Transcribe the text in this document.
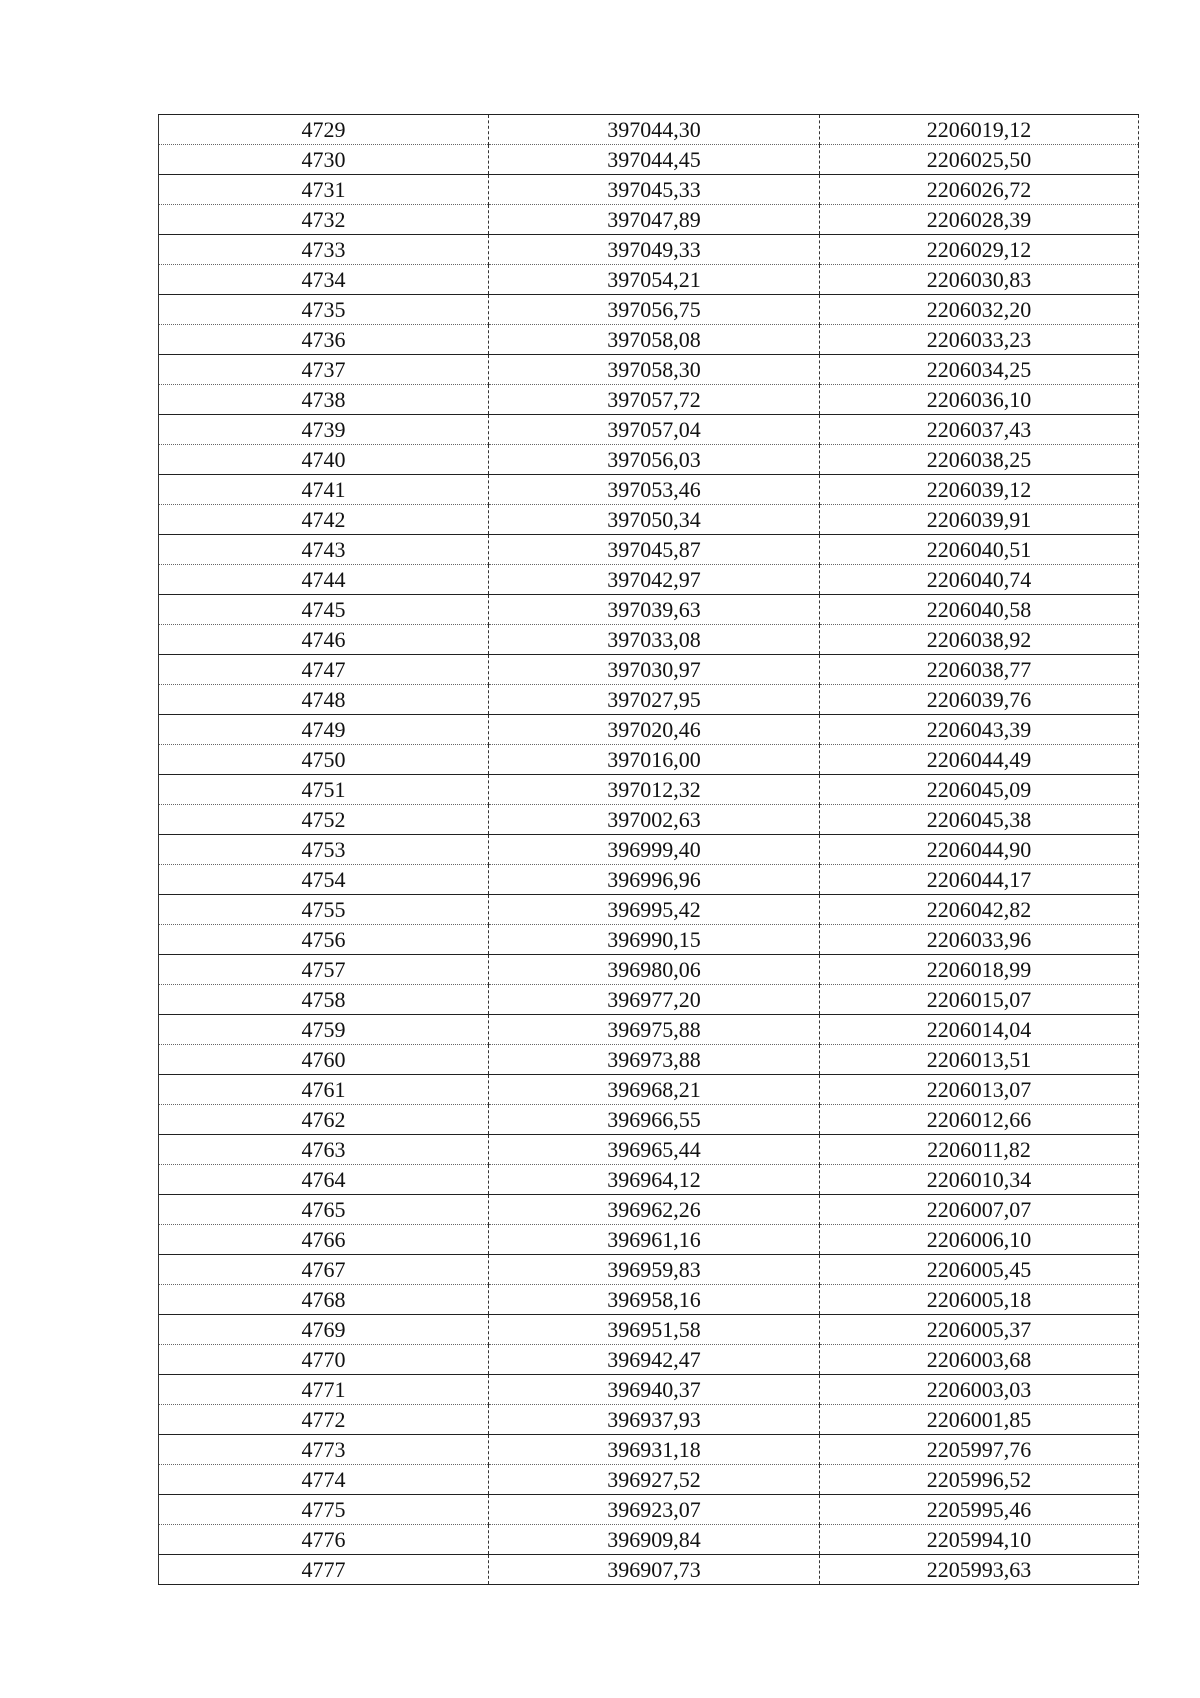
4729	397044,30	2206019,12
4730	397044,45	2206025,50
4731	397045,33	2206026,72
4732	397047,89	2206028,39
4733	397049,33	2206029,12
4734	397054,21	2206030,83
4735	397056,75	2206032,20
4736	397058,08	2206033,23
4737	397058,30	2206034,25
4738	397057,72	2206036,10
4739	397057,04	2206037,43
4740	397056,03	2206038,25
4741	397053,46	2206039,12
4742	397050,34	2206039,91
4743	397045,87	2206040,51
4744	397042,97	2206040,74
4745	397039,63	2206040,58
4746	397033,08	2206038,92
4747	397030,97	2206038,77
4748	397027,95	2206039,76
4749	397020,46	2206043,39
4750	397016,00	2206044,49
4751	397012,32	2206045,09
4752	397002,63	2206045,38
4753	396999,40	2206044,90
4754	396996,96	2206044,17
4755	396995,42	2206042,82
4756	396990,15	2206033,96
4757	396980,06	2206018,99
4758	396977,20	2206015,07
4759	396975,88	2206014,04
4760	396973,88	2206013,51
4761	396968,21	2206013,07
4762	396966,55	2206012,66
4763	396965,44	2206011,82
4764	396964,12	2206010,34
4765	396962,26	2206007,07
4766	396961,16	2206006,10
4767	396959,83	2206005,45
4768	396958,16	2206005,18
4769	396951,58	2206005,37
4770	396942,47	2206003,68
4771	396940,37	2206003,03
4772	396937,93	2206001,85
4773	396931,18	2205997,76
4774	396927,52	2205996,52
4775	396923,07	2205995,46
4776	396909,84	2205994,10
4777	396907,73	2205993,63
